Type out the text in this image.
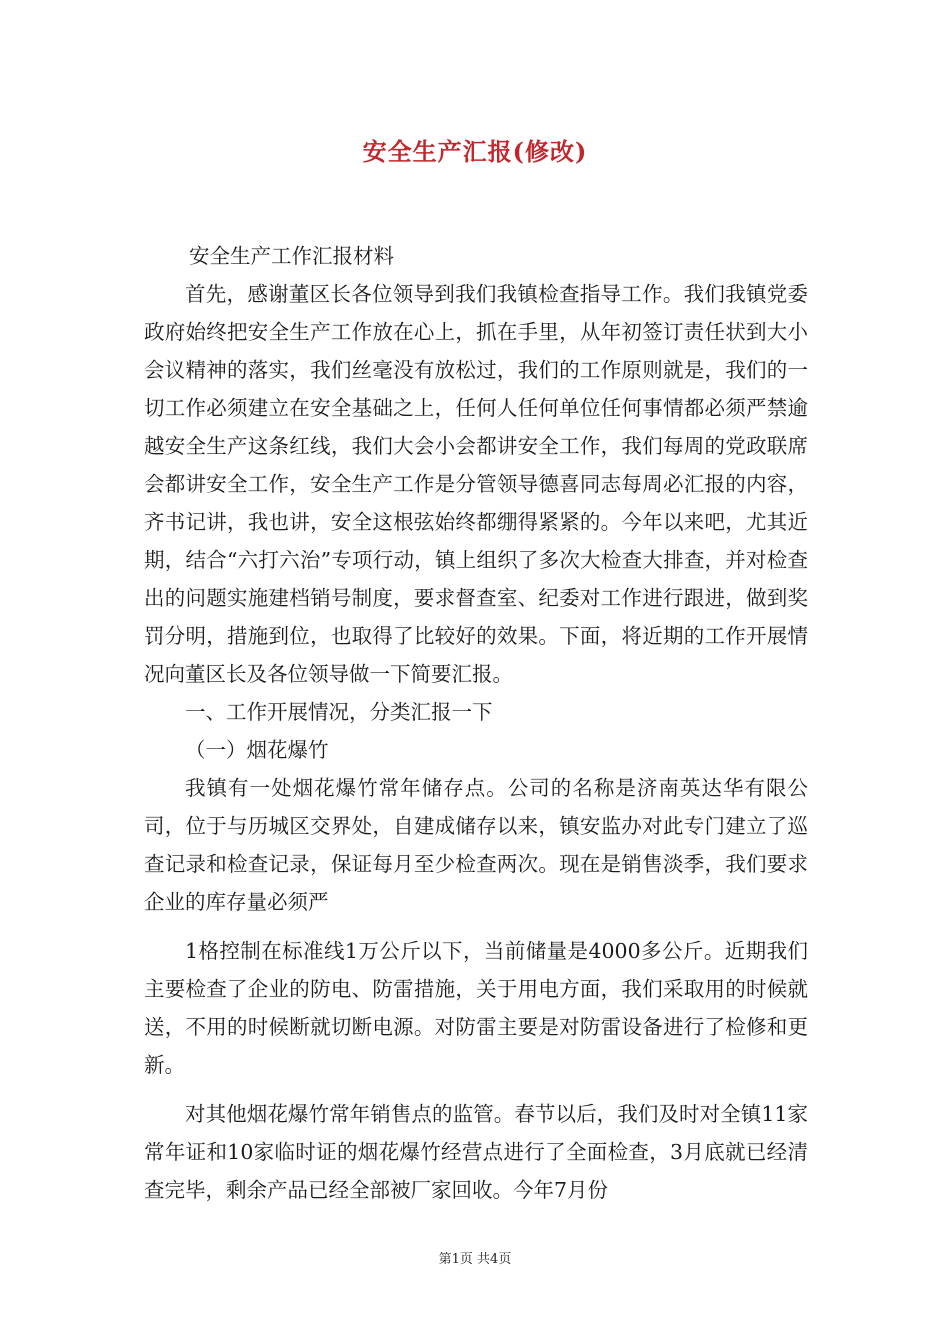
安全生产汇报(修改)

安全生产工作汇报材料

首先，感谢董区长各位领导到我们我镇检查指导工作。我们我镇党委政府始终把安全生产工作放在心上，抓在手里，从年初签订责任状到大小会议精神的落实，我们丝毫没有放松过，我们的工作原则就是，我们的一切工作必须建立在安全基础之上，任何人任何单位任何事情都必须严禁逾越安全生产这条红线，我们大会小会都讲安全工作，我们每周的党政联席会都讲安全工作，安全生产工作是分管领导德喜同志每周必汇报的内容，齐书记讲，我也讲，安全这根弦始终都绷得紧紧的。今年以来吧，尤其近期，结合“六打六治”专项行动，镇上组织了多次大检查大排查，并对检查出的问题实施建档销号制度，要求督查室、纪委对工作进行跟进，做到奖罚分明，措施到位，也取得了比较好的效果。下面，将近期的工作开展情况向董区长及各位领导做一下简要汇报。

一、工作开展情况，分类汇报一下

（一）烟花爆竹

我镇有一处烟花爆竹常年储存点。公司的名称是济南英达华有限公司，位于与历城区交界处，自建成储存以来，镇安监办对此专门建立了巡查记录和检查记录，保证每月至少检查两次。现在是销售淡季，我们要求企业的库存量必须严

1格控制在标准线1万公斤以下，当前储量是4000多公斤。近期我们主要检查了企业的防电、防雷措施，关于用电方面，我们采取用的时候就送，不用的时候断就切断电源。对防雷主要是对防雷设备进行了检修和更新。

对其他烟花爆竹常年销售点的监管。春节以后，我们及时对全镇11家常年证和10家临时证的烟花爆竹经营点进行了全面检查，3月底就已经清查完毕，剩余产品已经全部被厂家回收。今年7月份

第1页 共4页
